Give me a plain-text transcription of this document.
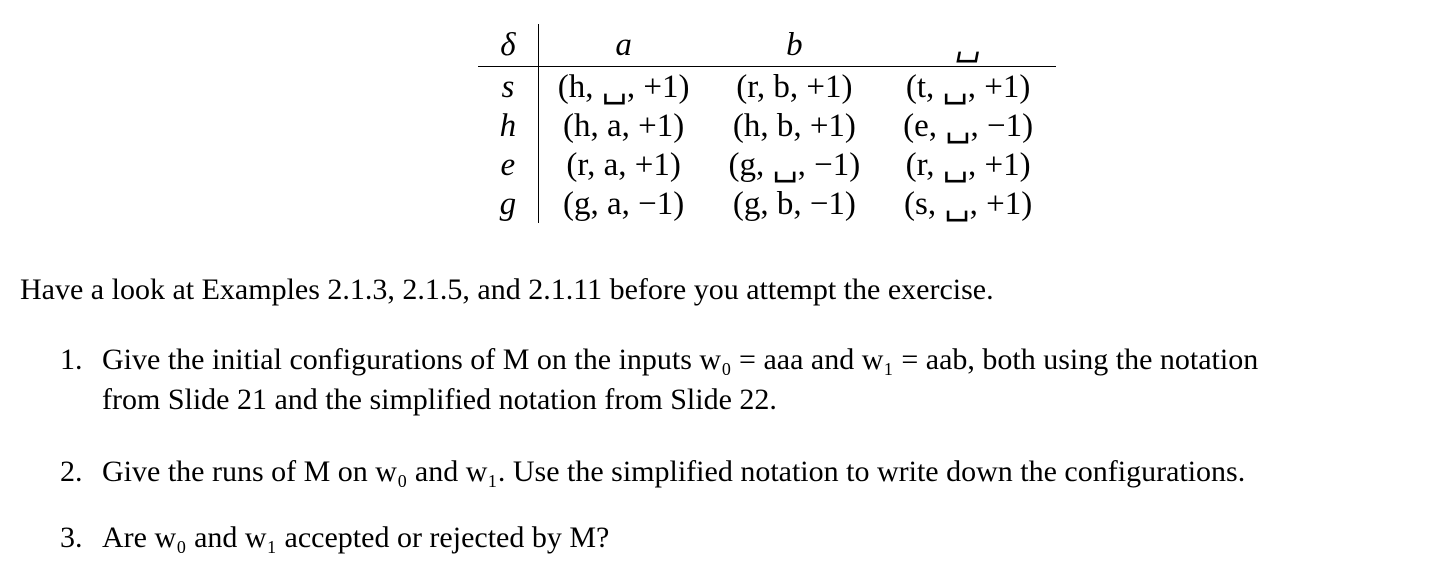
δ	a	b	␣
s	(h, ␣, +1)	(r, b, +1)	(t, ␣, +1)
h	(h, a, +1)	(h, b, +1)	(e, ␣, −1)
e	(r, a, +1)	(g, ␣, −1)	(r, ␣, +1)
g	(g, a, −1)	(g, b, −1)	(s, ␣, +1)

Have a look at Examples 2.1.3, 2.1.5, and 2.1.11 before you attempt the exercise.

1. Give the initial configurations of M on the inputs w₀ = aaa and w₁ = aab, both using the notation
from Slide 21 and the simplified notation from Slide 22.
2. Give the runs of M on w₀ and w₁. Use the simplified notation to write down the configurations.
3. Are w₀ and w₁ accepted or rejected by M?
